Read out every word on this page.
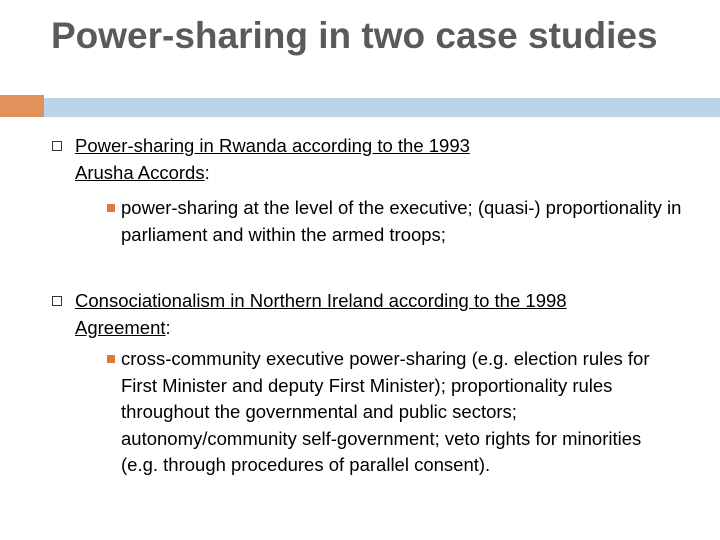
Power-sharing in two case studies
Power-sharing in Rwanda according to the 1993
Arusha Accords:
power-sharing at the level of the executive; (quasi-) proportionality in parliament and within the armed troops;
Consociationalism in Northern Ireland according to the 1998
Agreement:
cross-community executive power-sharing (e.g. election rules for First Minister and deputy First Minister); proportionality rules throughout the governmental and public sectors; autonomy/community self-government; veto rights for minorities (e.g. through procedures of parallel consent).
